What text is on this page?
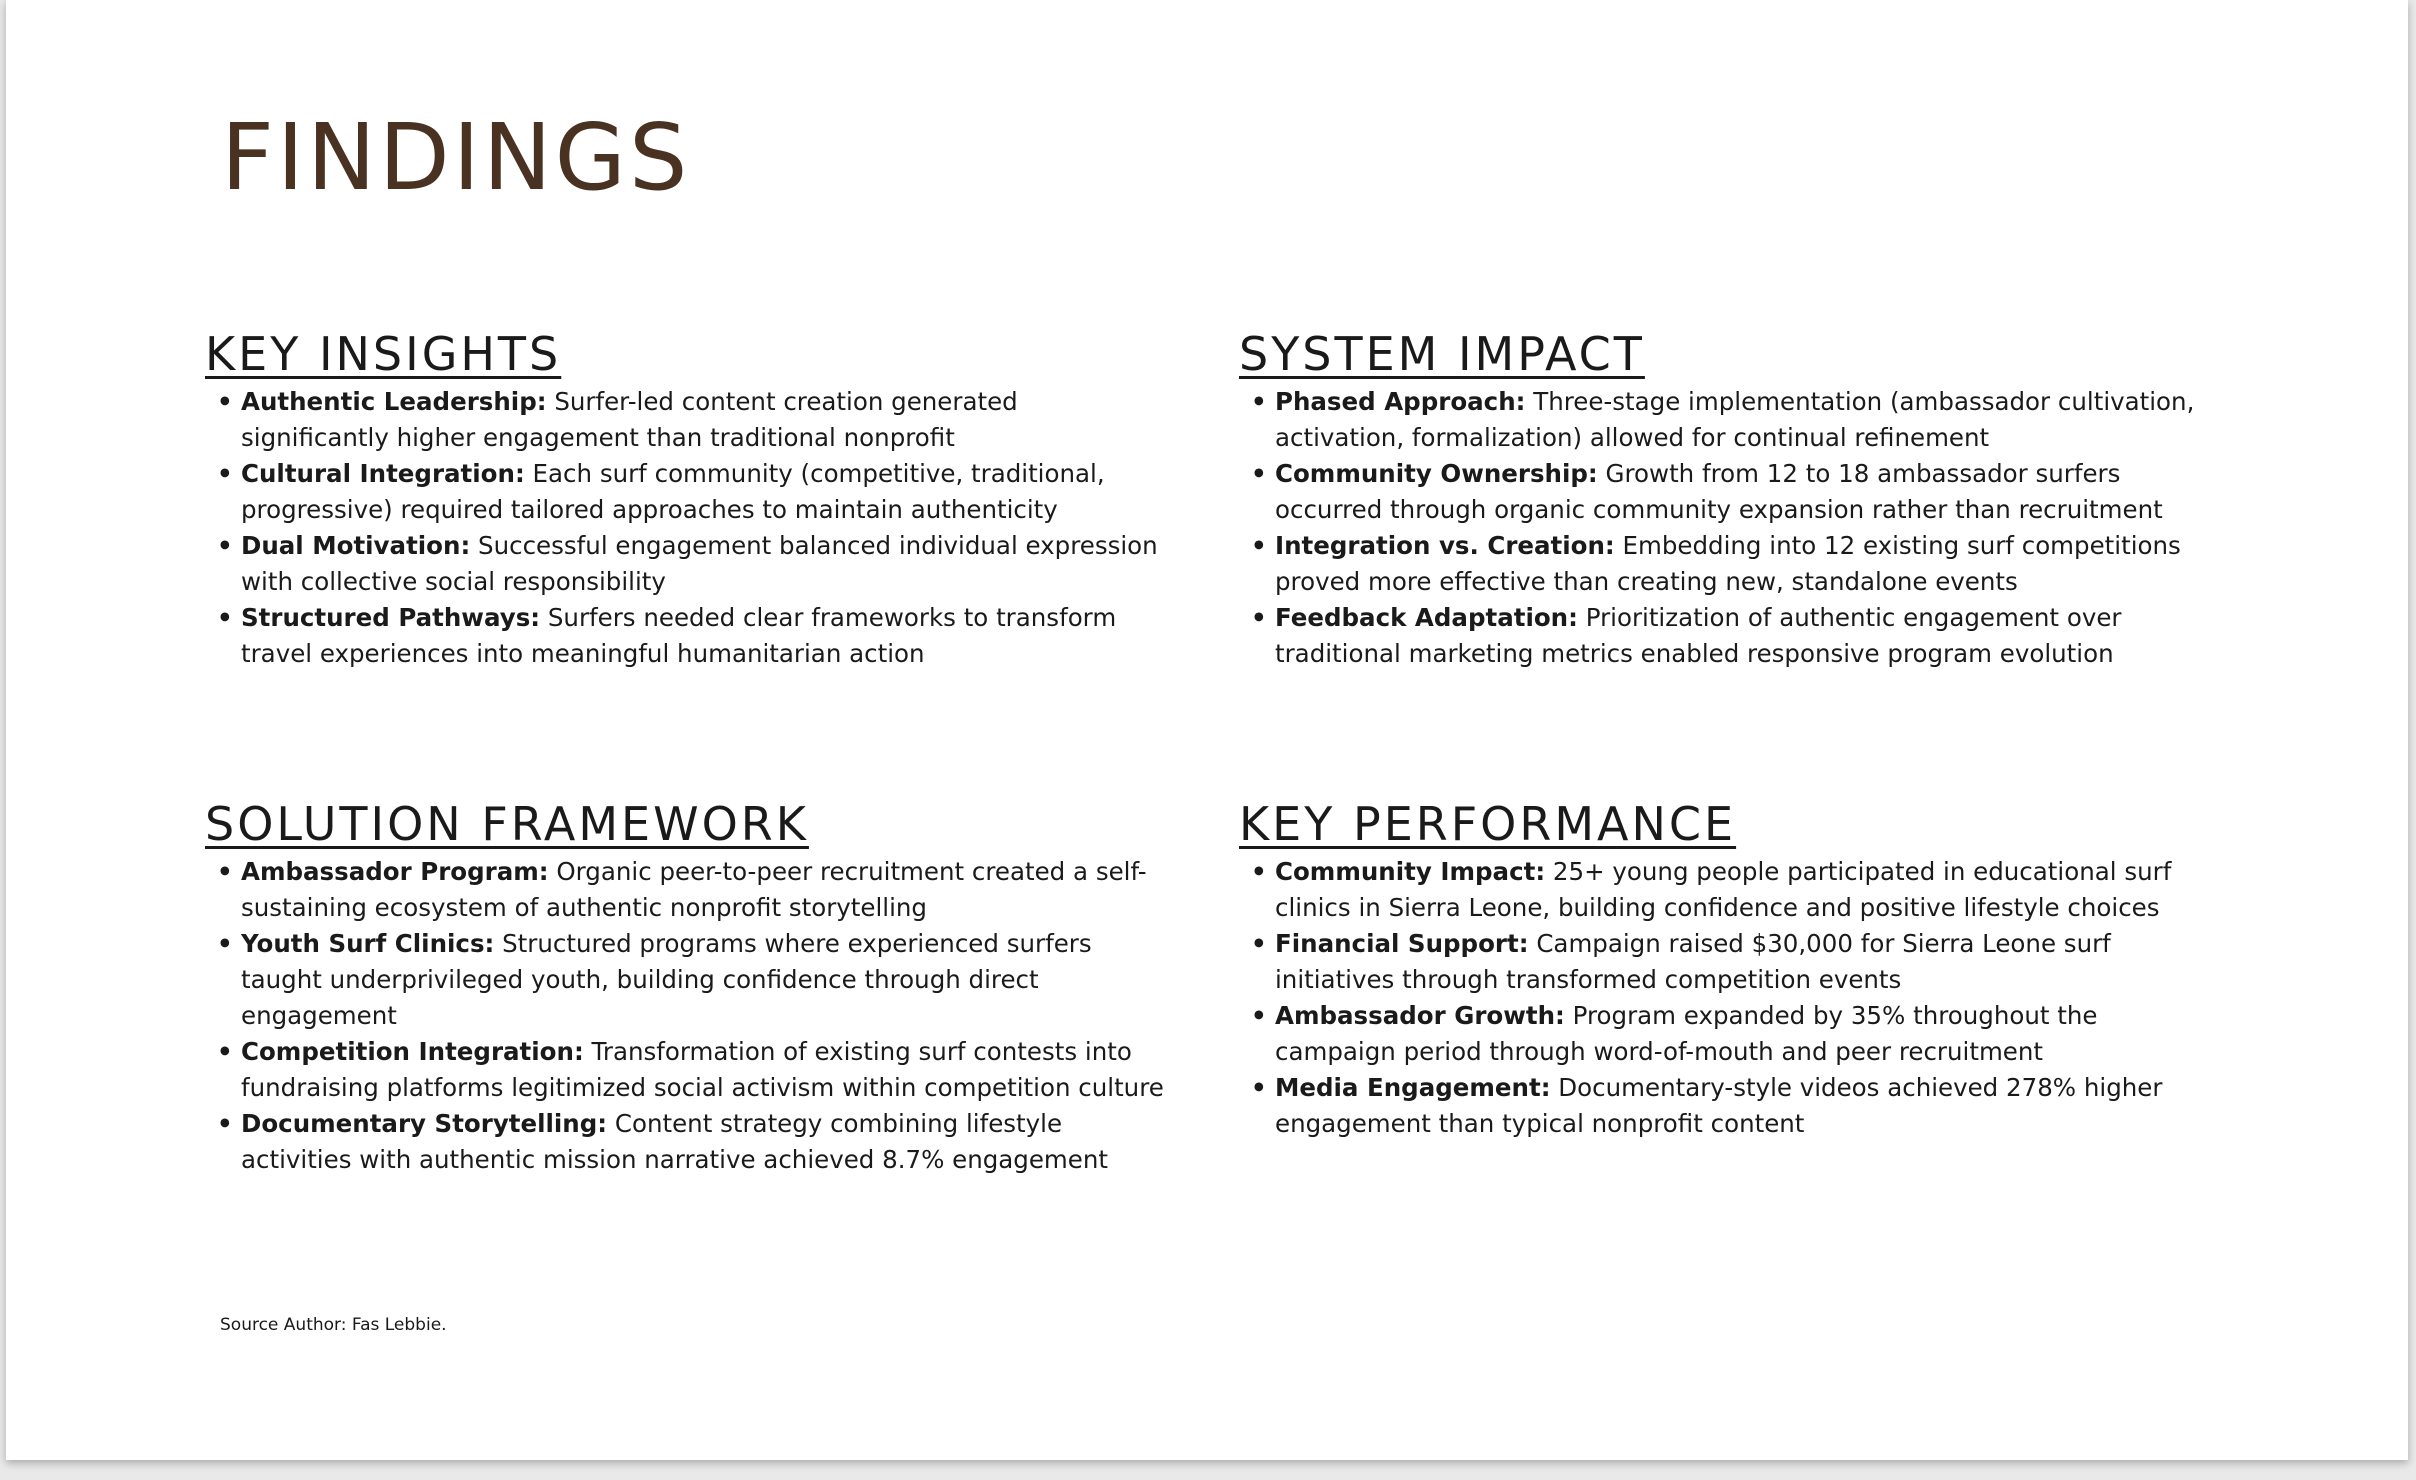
FINDINGS
KEY INSIGHTS
• Authentic Leadership: Surfer-led content creation generated significantly higher engagement than traditional nonprofit
• Cultural Integration: Each surf community (competitive, traditional, progressive) required tailored approaches to maintain authenticity
• Dual Motivation: Successful engagement balanced individual expression with collective social responsibility
• Structured Pathways: Surfers needed clear frameworks to transform travel experiences into meaningful humanitarian action
SYSTEM IMPACT
• Phased Approach: Three-stage implementation (ambassador cultivation, activation, formalization) allowed for continual refinement
• Community Ownership: Growth from 12 to 18 ambassador surfers occurred through organic community expansion rather than recruitment
• Integration vs. Creation: Embedding into 12 existing surf competitions proved more effective than creating new, standalone events
• Feedback Adaptation: Prioritization of authentic engagement over traditional marketing metrics enabled responsive program evolution
SOLUTION FRAMEWORK
• Ambassador Program: Organic peer-to-peer recruitment created a self-sustaining ecosystem of authentic nonprofit storytelling
• Youth Surf Clinics: Structured programs where experienced surfers taught underprivileged youth, building confidence through direct engagement
• Competition Integration: Transformation of existing surf contests into fundraising platforms legitimized social activism within competition culture
• Documentary Storytelling: Content strategy combining lifestyle activities with authentic mission narrative achieved 8.7% engagement
KEY PERFORMANCE
• Community Impact: 25+ young people participated in educational surf clinics in Sierra Leone, building confidence and positive lifestyle choices
• Financial Support: Campaign raised $30,000 for Sierra Leone surf initiatives through transformed competition events
• Ambassador Growth: Program expanded by 35% throughout the campaign period through word-of-mouth and peer recruitment
• Media Engagement: Documentary-style videos achieved 278% higher engagement than typical nonprofit content
Source Author: Fas Lebbie.
